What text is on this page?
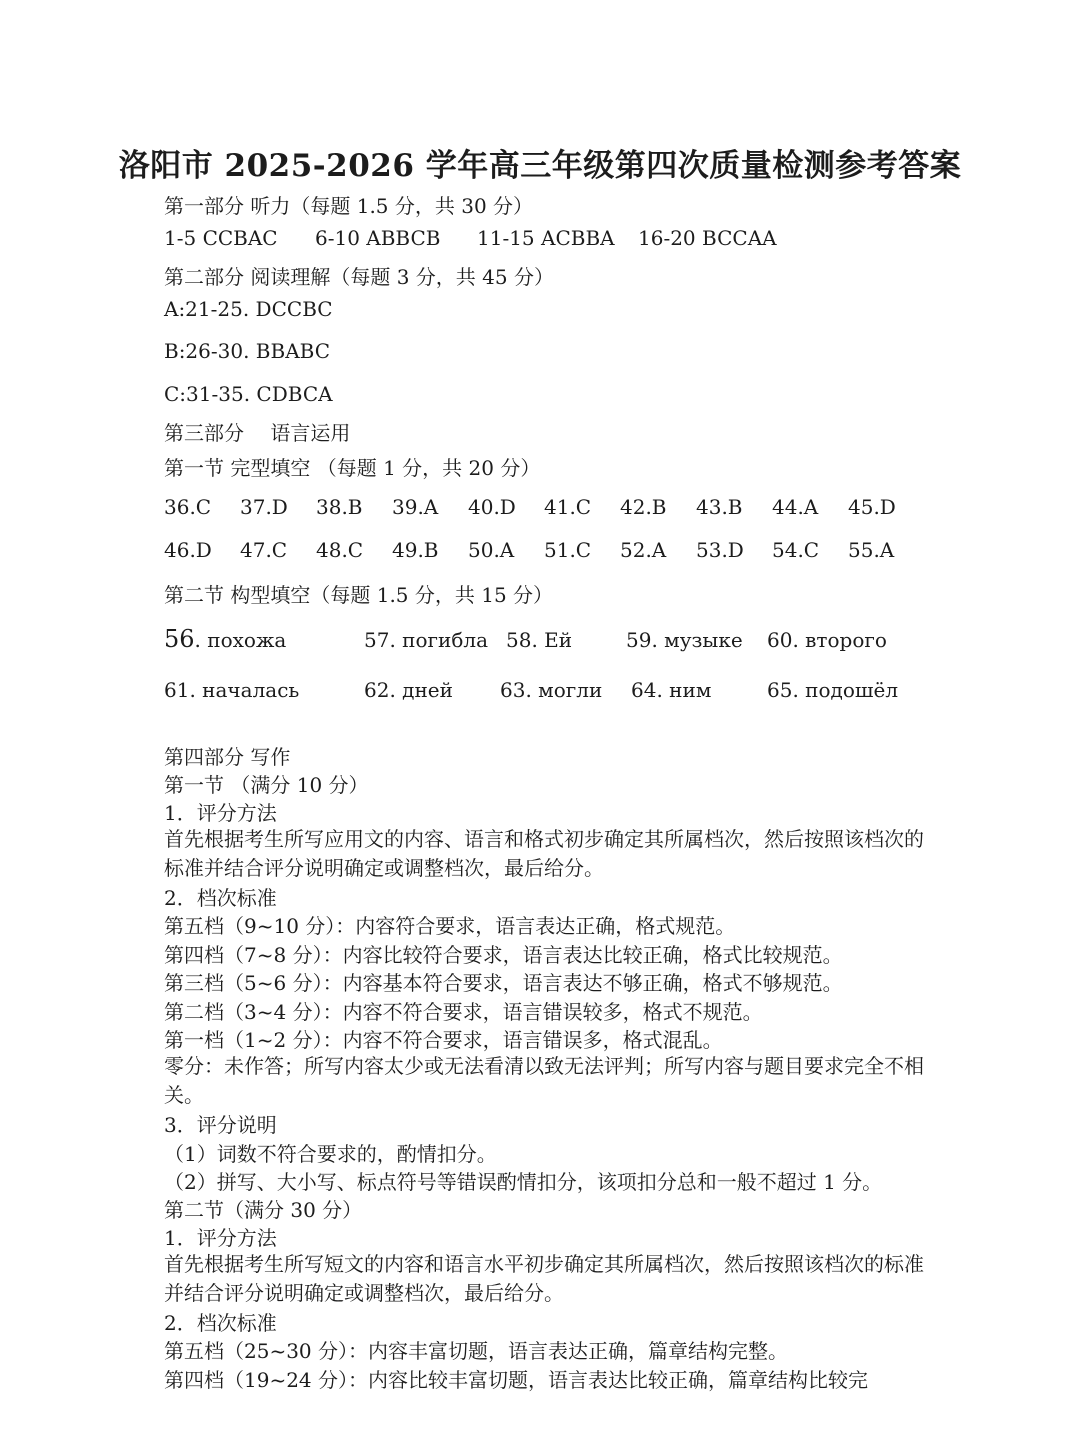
洛阳市 2025-2026 学年高三年级第四次质量检测参考答案
第一部分 听力（每题 1.5 分，共 30 分）
1-5 CCBAC 6-10 ABBCB 11-15 ACBBA 16-20 BCCAA
第二部分 阅读理解（每题 3 分，共 45 分）
A:21-25. DCCBC
B:26-30. BBABC
C:31-35. CDBCA
第三部分　 语言运用
第一节 完型填空 （每题 1 分，共 20 分）
36.C 37.D 38.B 39.A 40.D 41.C 42.B 43.B 44.A 45.D
46.D 47.C 48.C 49.B 50.A 51.C 52.A 53.D 54.C 55.A
第二节 构型填空（每题 1.5 分，共 15 分）
56. похожа	57. погибла 58. Ей	59. музыке 60. второго
61. началась	62. дней 63. могли 64. ним	65. подошёл
第四部分 写作
第一节 （满分 10 分）
1．评分方法
首先根据考生所写应用文的内容、语言和格式初步确定其所属档次，然后按照该档次的标准并结合评分说明确定或调整档次，最后给分。
2．档次标准
第五档（9~10 分）：内容符合要求，语言表达正确，格式规范。
第四档（7~8 分）：内容比较符合要求，语言表达比较正确，格式比较规范。
第三档（5~6 分）：内容基本符合要求，语言表达不够正确，格式不够规范。
第二档（3~4 分）：内容不符合要求，语言错误较多，格式不规范。
第一档（1~2 分）：内容不符合要求，语言错误多，格式混乱。
零分：未作答；所写内容太少或无法看清以致无法评判；所写内容与题目要求完全不相关。
3．评分说明
（1）词数不符合要求的，酌情扣分。
（2）拼写、大小写、标点符号等错误酌情扣分，该项扣分总和一般不超过 1 分。
第二节（满分 30 分）
1．评分方法
首先根据考生所写短文的内容和语言水平初步确定其所属档次，然后按照该档次的标准并结合评分说明确定或调整档次，最后给分。
2．档次标准
第五档（25~30 分）：内容丰富切题，语言表达正确，篇章结构完整。
第四档（19~24 分）：内容比较丰富切题，语言表达比较正确，篇章结构比较完
